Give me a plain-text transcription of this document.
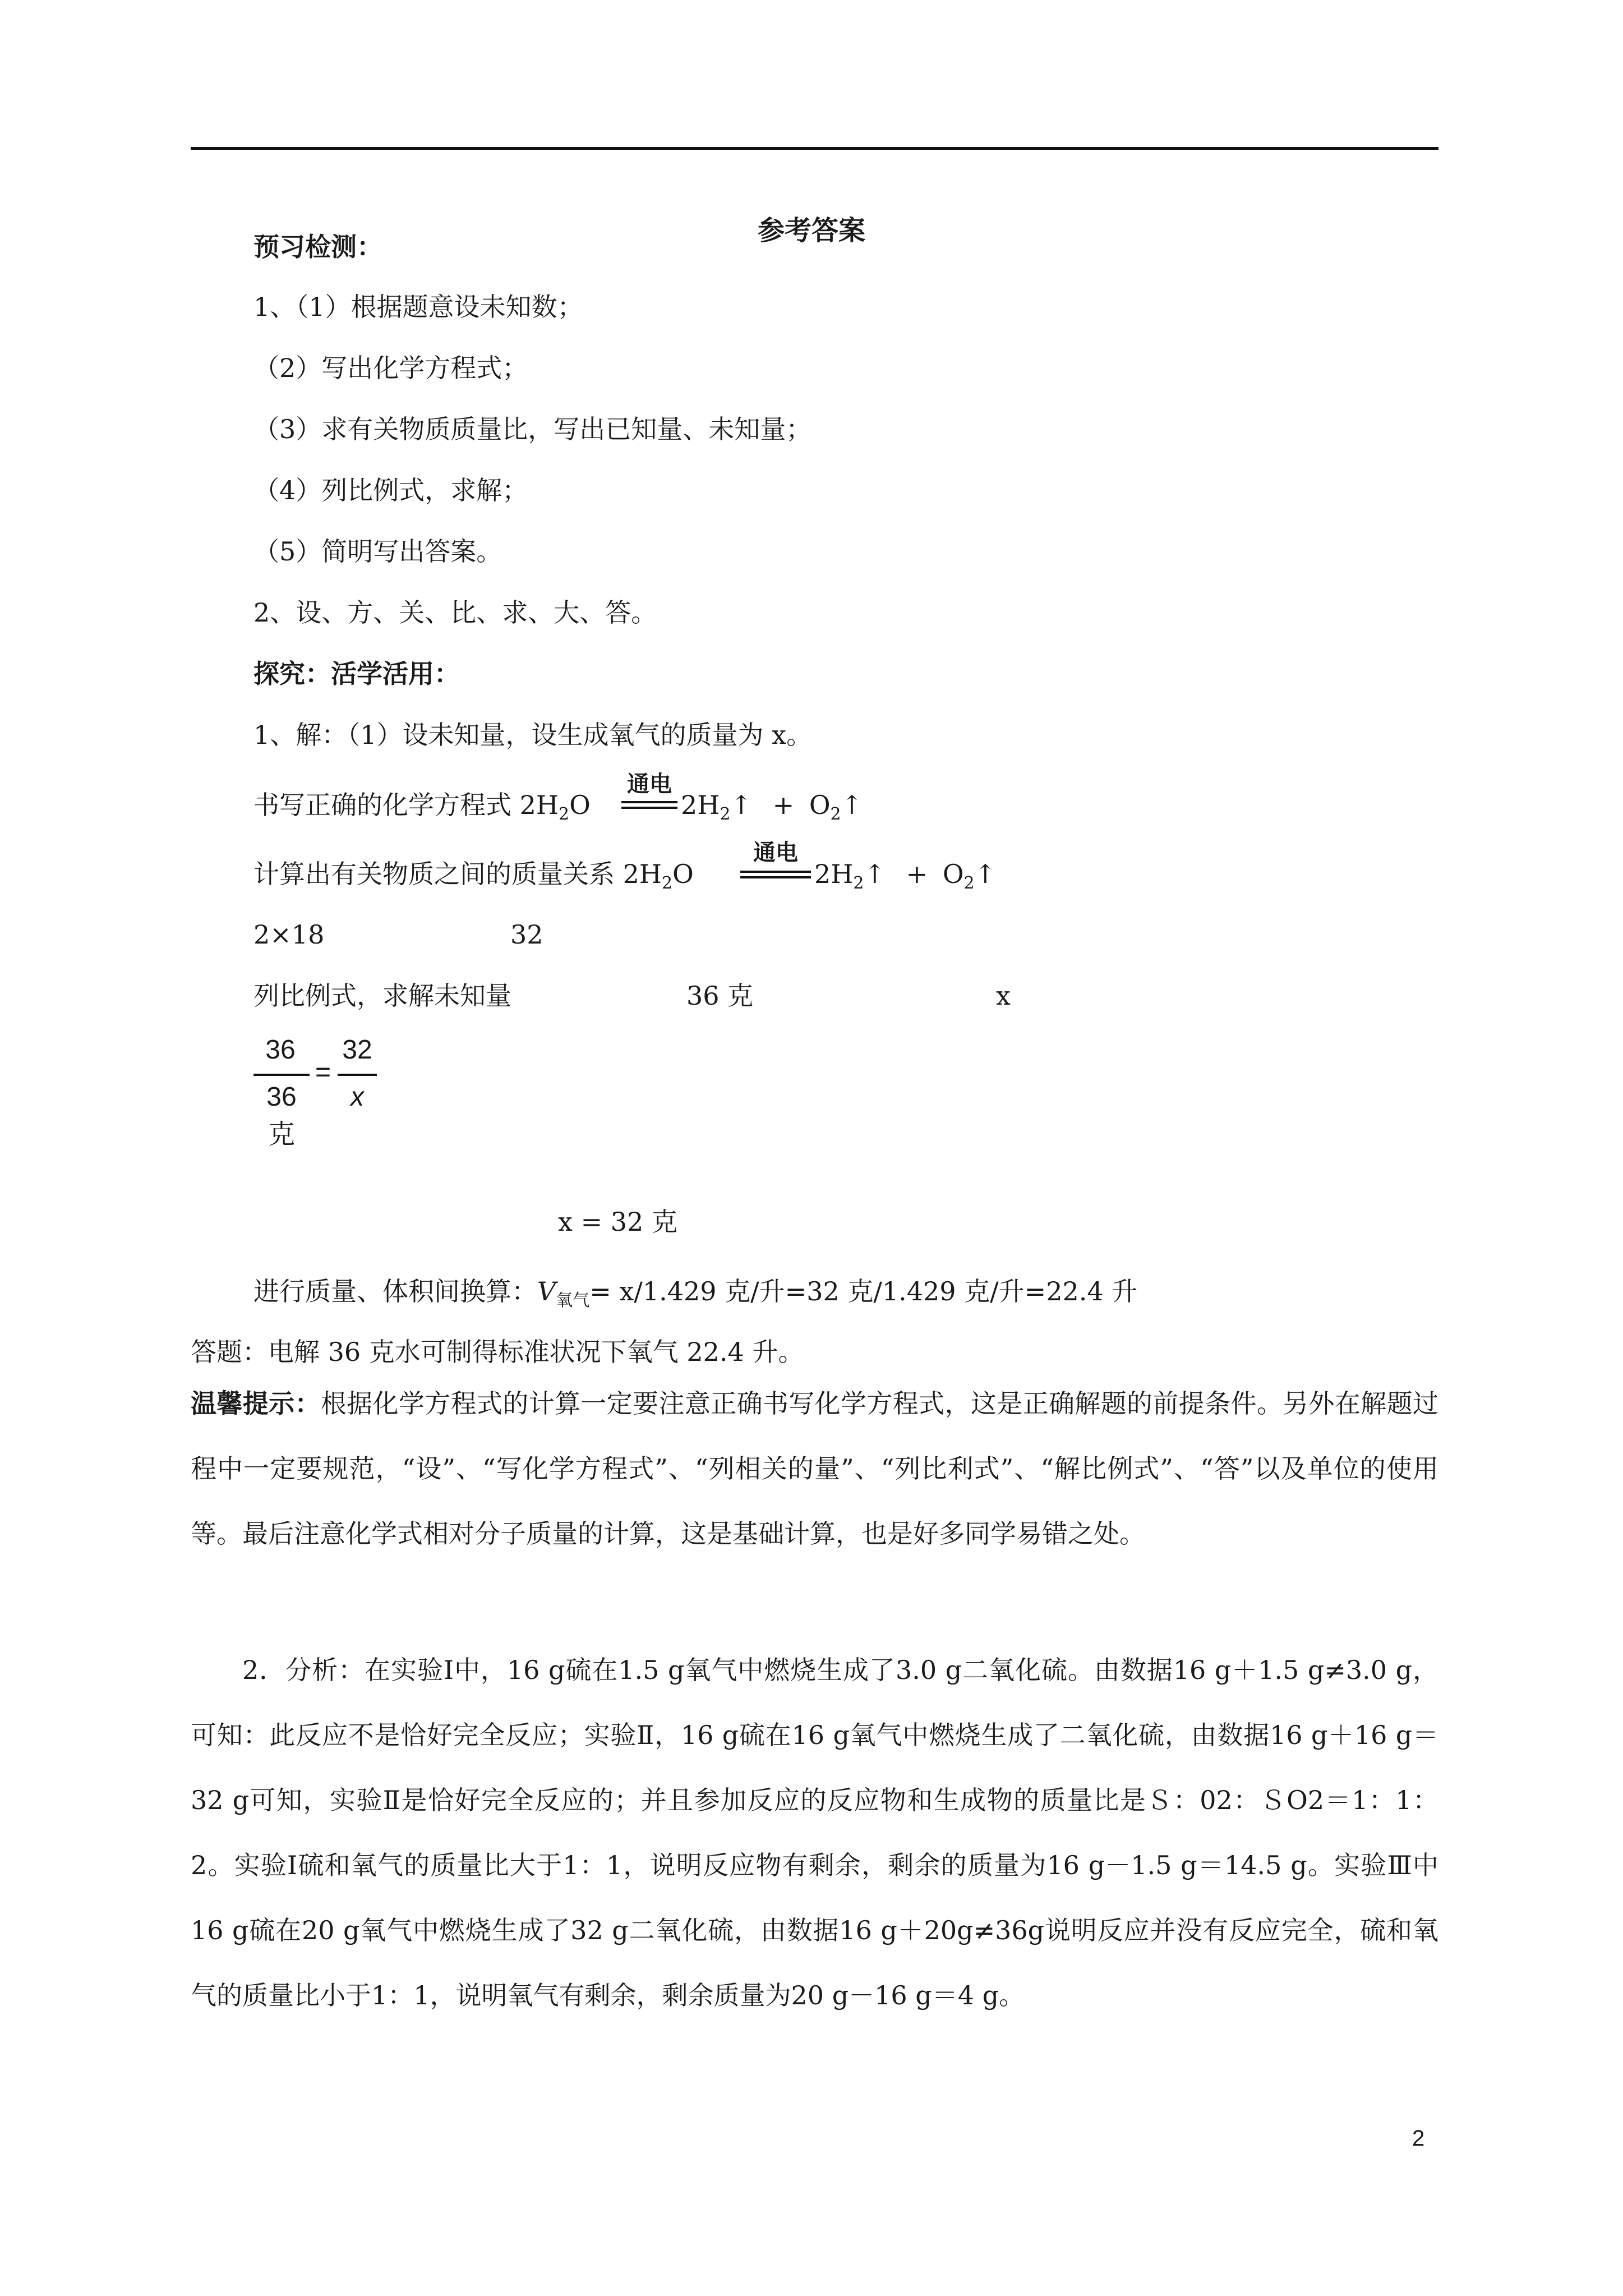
参考答案
预习检测：
1、（1）根据题意设未知数；
（2）写出化学方程式；
（3）求有关物质质量比，写出已知量、未知量；
（4）列比例式，求解；
（5）简明写出答案。
2、设、方、关、比、求、大、答。
探究：活学活用：
1、解：（1）设未知量，设生成氧气的质量为 x。
书写正确的化学方程式 $2H_2O$
通电
$2H_2↑$ + $O_2↑$
计算出有关物质之间的质量关系 $2H_2O$
通电
$2H_2↑$ + $O_2↑$
2×18	32
列比例式，求解未知量	36 克	x
36
36克
=
32
x
x = 32 克
进行质量、体积间换算：$V_{氧气}= x/1.429$ 克/升=32 克/1.429 克/升=22.4 升
答题：电解 36 克水可制得标准状况下氧气 22.4 升。
温馨提示：根据化学方程式的计算一定要注意正确书写化学方程式，这是正确解题的前提条件。另外在解题过程中一定要规范，“设”、“写化学方程式”、“列相关的量”、“列比利式”、“解比例式”、“答”以及单位的使用等。最后注意化学式相对分子质量的计算，这是基础计算，也是好多同学易错之处。
2．分析：在实验Ⅰ中，16 g硫在1.5 g氧气中燃烧生成了3.0 g二氧化硫。由数据16 g＋1.5 g≠3.0 g，可知：此反应不是恰好完全反应；实验Ⅱ，16 g硫在16 g氧气中燃烧生成了二氧化硫，由数据16 g＋16 g＝32 g可知，实验Ⅱ是恰好完全反应的；并且参加反应的反应物和生成物的质量比是Ｓ：02：ＳO2＝1：1：2。实验Ⅰ硫和氧气的质量比大于1：1，说明反应物有剩余，剩余的质量为16 g－1.5 g＝14.5 g。实验Ⅲ中16 g硫在20 g氧气中燃烧生成了32 g二氧化硫，由数据16 g＋20g≠36g说明反应并没有反应完全，硫和氧气的质量比小于1：1，说明氧气有剩余，剩余质量为20 g－16 g＝4 g。
2
